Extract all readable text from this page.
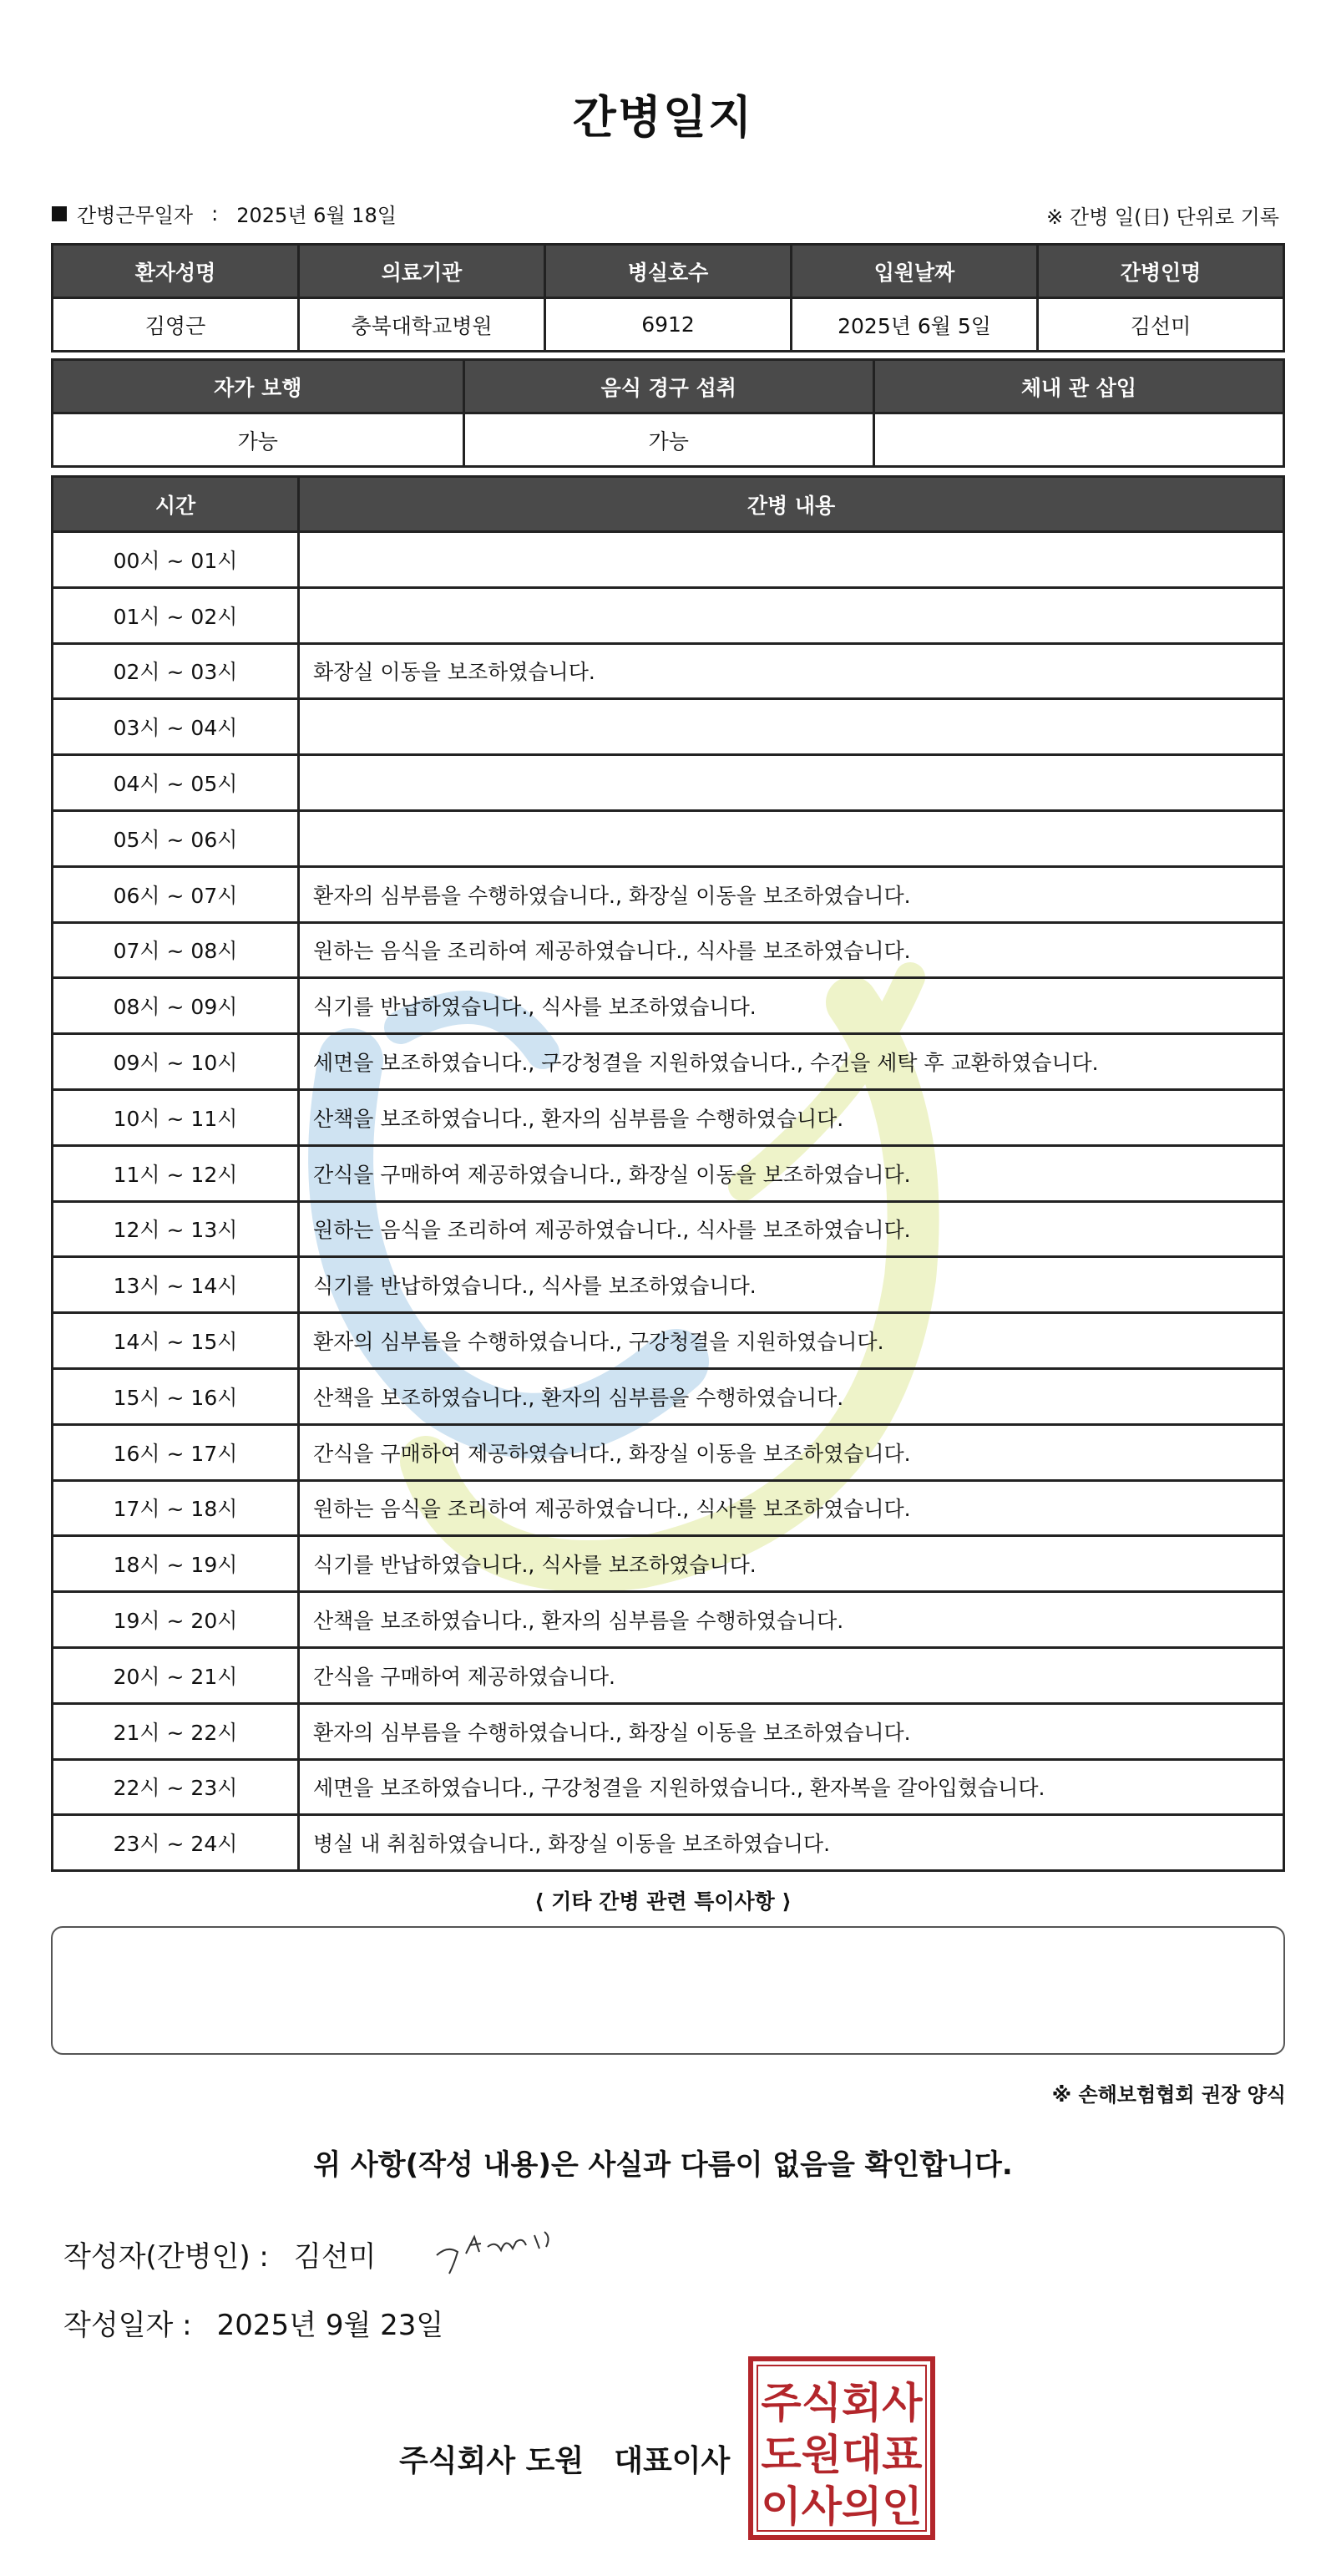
간병일지
간병근무일자 : 2025년 6월 18일	※ 간병 일(日) 단위로 기록
환자성명	의료기관	병실호수	입원날짜	간병인명
김영근	충북대학교병원	6912	2025년 6월 5일	김선미
자가 보행	음식 경구 섭취	체내 관 삽입
가능	가능	
시간	간병 내용
00시 ~ 01시	
01시 ~ 02시	
02시 ~ 03시	화장실 이동을 보조하였습니다.
03시 ~ 04시	
04시 ~ 05시	
05시 ~ 06시	
06시 ~ 07시	환자의 심부름을 수행하였습니다., 화장실 이동을 보조하였습니다.
07시 ~ 08시	원하는 음식을 조리하여 제공하였습니다., 식사를 보조하였습니다.
08시 ~ 09시	식기를 반납하였습니다., 식사를 보조하였습니다.
09시 ~ 10시	세면을 보조하였습니다., 구강청결을 지원하였습니다., 수건을 세탁 후 교환하였습니다.
10시 ~ 11시	산책을 보조하였습니다., 환자의 심부름을 수행하였습니다.
11시 ~ 12시	간식을 구매하여 제공하였습니다., 화장실 이동을 보조하였습니다.
12시 ~ 13시	원하는 음식을 조리하여 제공하였습니다., 식사를 보조하였습니다.
13시 ~ 14시	식기를 반납하였습니다., 식사를 보조하였습니다.
14시 ~ 15시	환자의 심부름을 수행하였습니다., 구강청결을 지원하였습니다.
15시 ~ 16시	산책을 보조하였습니다., 환자의 심부름을 수행하였습니다.
16시 ~ 17시	간식을 구매하여 제공하였습니다., 화장실 이동을 보조하였습니다.
17시 ~ 18시	원하는 음식을 조리하여 제공하였습니다., 식사를 보조하였습니다.
18시 ~ 19시	식기를 반납하였습니다., 식사를 보조하였습니다.
19시 ~ 20시	산책을 보조하였습니다., 환자의 심부름을 수행하였습니다.
20시 ~ 21시	간식을 구매하여 제공하였습니다.
21시 ~ 22시	환자의 심부름을 수행하였습니다., 화장실 이동을 보조하였습니다.
22시 ~ 23시	세면을 보조하였습니다., 구강청결을 지원하였습니다., 환자복을 갈아입혔습니다.
23시 ~ 24시	병실 내 취침하였습니다., 화장실 이동을 보조하였습니다.
⟨ 기타 간병 관련 특이사항 ⟩
※ 손해보험협회 권장 양식
위 사항(작성 내용)은 사실과 다름이 없음을 확인합니다.
작성자(간병인) : 김선미
작성일자 : 2025년 9월 23일
주식회사 도원 대표이사
주식회사
도원대표
이사의인
